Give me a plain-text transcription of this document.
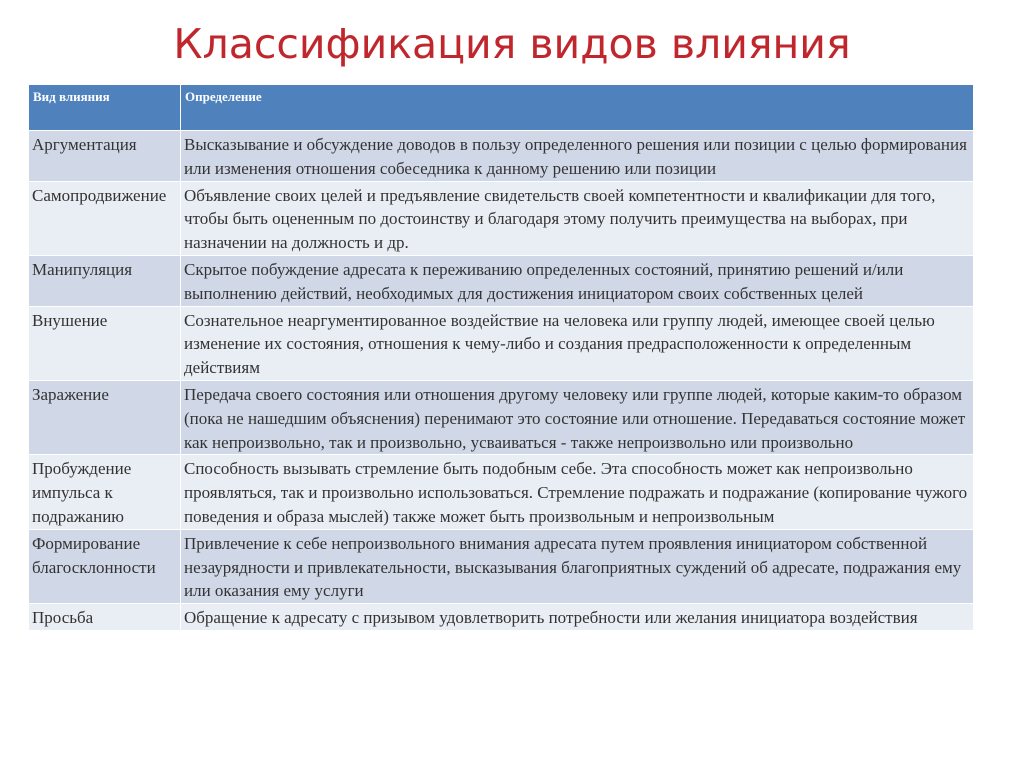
Классификация видов влияния
Вид влияния	Определение
Аргументация	Высказывание и обсуждение доводов в пользу определенного решения или позиции с целью формирования или изменения отношения собеседника к данному решению или позиции
Самопродвижение	Объявление своих целей и предъявление свидетельств своей компетентности и квалификации для того, чтобы быть оцененным по достоинству и благодаря этому получить преимущества на выборах, при назначении на должность и др.
Манипуляция	Скрытое побуждение адресата к переживанию определенных состояний, принятию решений и/или выполнению действий, необходимых для достижения инициатором своих собственных целей
Внушение	Сознательное неаргументированное воздействие на человека или группу людей, имеющее своей целью изменение их состояния, отношения к чему-либо и создания предрасположенности к определенным действиям
Заражение	Передача своего состояния или отношения другому человеку или группе людей, которые каким-то образом (пока не нашедшим объяснения) перенимают это состояние или отношение. Передаваться состояние может как непроизвольно, так и произвольно, усваиваться - также непроизвольно или произвольно
Пробуждение импульса к подражанию	Способность вызывать стремление быть подобным себе. Эта способность может как непроизвольно проявляться, так и произвольно использоваться. Стремление подражать и подражание (копирование чужого поведения и образа мыслей) также может быть произвольным и непроизвольным
Формирование благосклонности	Привлечение к себе непроизвольного внимания адресата путем проявления инициатором собственной незаурядности и привлекательности, высказывания благоприятных суждений об адресате, подражания ему или оказания ему услуги
Просьба	Обращение к адресату с призывом удовлетворить потребности или желания инициатора воздействия
